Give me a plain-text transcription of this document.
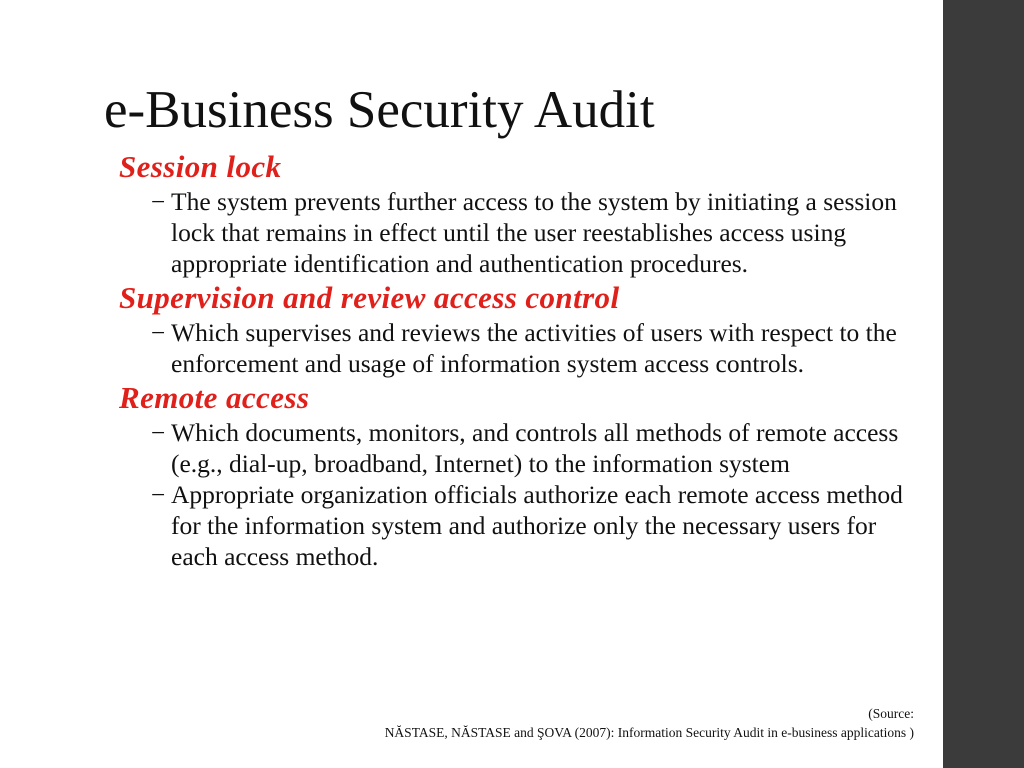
e-Business Security Audit
Session lock
− The system prevents further access to the system by initiating a session lock that remains in effect until the user reestablishes access using appropriate identification and authentication procedures.
Supervision and review access control
− Which supervises and reviews the activities of users with respect to the enforcement and usage of information system access controls.
Remote access
− Which documents, monitors, and controls all methods of remote access (e.g., dial-up, broadband, Internet) to the information system
− Appropriate organization officials authorize each remote access method for the information system and authorize only the necessary users for each access method.
(Source:
NĂSTASE, NĂSTASE and ŞOVA (2007): Information Security Audit in e-business applications )
